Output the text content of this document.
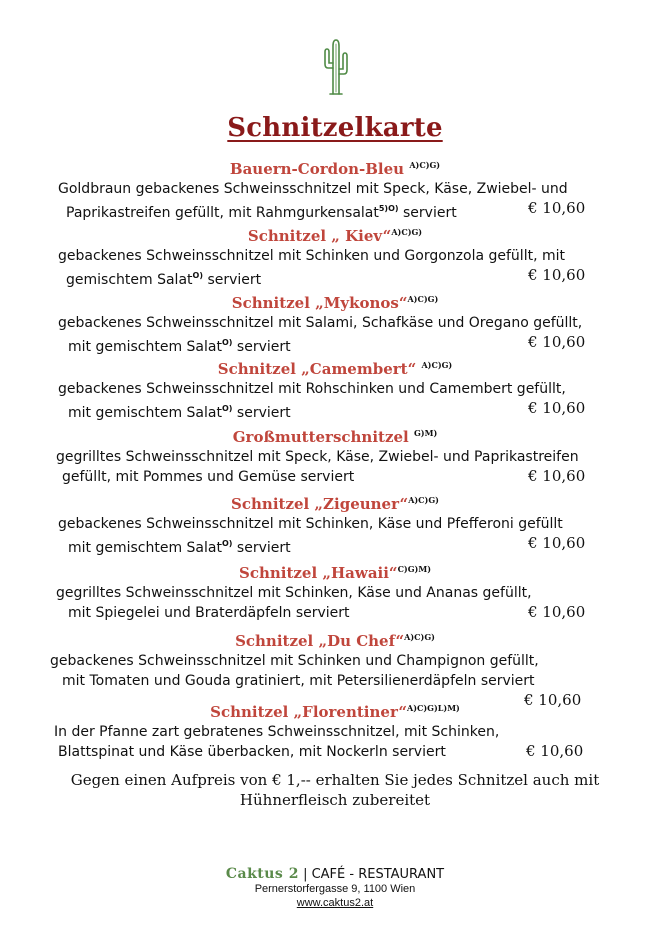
Schnitzelkarte
Bauern-Cordon-Bleu $^{A)C)G)}$
Goldbraun gebackenes Schweinsschnitzel mit Speck, Käse, Zwiebel- und
Paprikastreifen gefüllt, mit Rahmgurkensalat$^{5)O)}$ serviert	€ 10,60
Schnitzel „ Kiev“$^{A)C)G)}$
gebackenes Schweinsschnitzel mit Schinken und Gorgonzola gefüllt, mit
gemischtem Salat$^{O)}$ serviert	€ 10,60
Schnitzel „Mykonos“$^{A)C)G)}$
gebackenes Schweinsschnitzel mit Salami, Schafkäse und Oregano gefüllt,
mit gemischtem Salat$^{O)}$ serviert	€ 10,60
Schnitzel „Camembert“ $^{A)C)G)}$
gebackenes Schweinsschnitzel mit Rohschinken und Camembert gefüllt,
mit gemischtem Salat$^{O)}$ serviert	€ 10,60
Großmutterschnitzel $^{G)M)}$
gegrilltes Schweinsschnitzel mit Speck, Käse, Zwiebel- und Paprikastreifen
gefüllt, mit Pommes und Gemüse serviert	€ 10,60
Schnitzel „Zigeuner“$^{A)C)G)}$
gebackenes Schweinsschnitzel mit Schinken, Käse und Pfefferoni gefüllt
mit gemischtem Salat$^{O)}$ serviert	€ 10,60
Schnitzel „Hawaii“$^{C)G)M)}$
gegrilltes Schweinsschnitzel mit Schinken, Käse und Ananas gefüllt,
mit Spiegelei und Braterdäpfeln serviert	€ 10,60
Schnitzel „Du Chef“$^{A)C)G)}$
gebackenes Schweinsschnitzel mit Schinken und Champignon gefüllt,
mit Tomaten und Gouda gratiniert, mit Petersilienerdäpfeln serviert
€ 10,60
Schnitzel „Florentiner“$^{A)C)G)L)M)}$
In der Pfanne zart gebratenes Schweinsschnitzel, mit Schinken,
Blattspinat und Käse überbacken, mit Nockerln serviert	€ 10,60
Gegen einen Aufpreis von € 1,-- erhalten Sie jedes Schnitzel auch mit
Hühnerfleisch zubereitet
Caktus 2 | CAFÉ - RESTAURANT
Pernerstorfergasse 9, 1100 Wien
www.caktus2.at
